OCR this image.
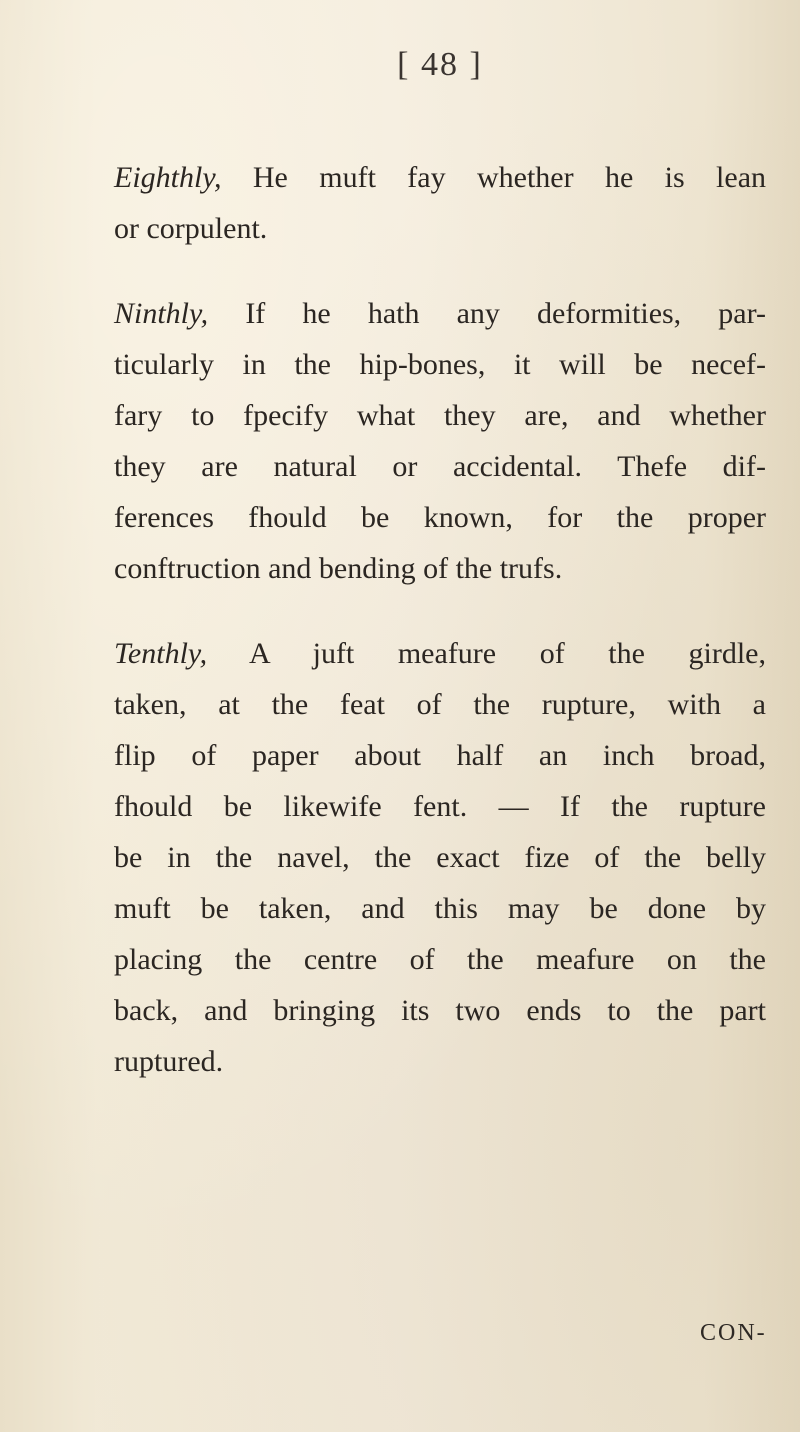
[ 48 ]

Eighthly, He muft fay whether he is lean
or corpulent.

Ninthly, If he hath any deformities, par-
ticularly in the hip-bones, it will be necef-
fary to fpecify what they are, and whether
they are natural or accidental. Thefe dif-
ferences fhould be known, for the proper
conftruction and bending of the trufs.

Tenthly, A juft meafure of the girdle,
taken, at the feat of the rupture, with a
flip of paper about half an inch broad,
fhould be likewife fent. — If the rupture
be in the navel, the exact fize of the belly
muft be taken, and this may be done by
placing the centre of the meafure on the
back, and bringing its two ends to the part
ruptured.

CON-
